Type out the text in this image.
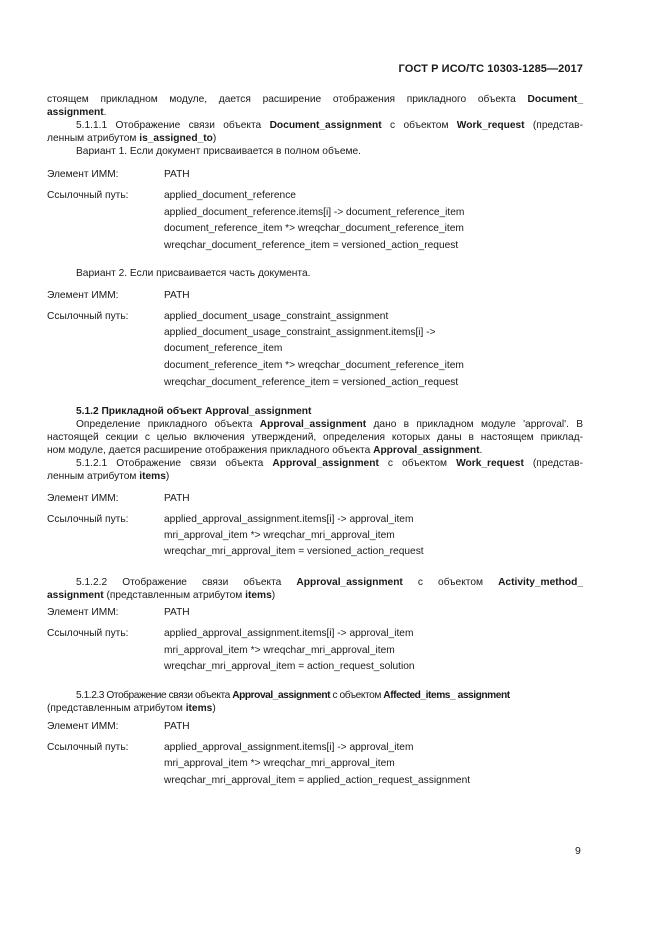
ГОСТ Р ИСО/ТС 10303-1285—2017
стоящем прикладном модуле, дается расширение отображения прикладного объекта Document_
assignment.
5.1.1.1 Отображение связи объекта Document_assignment с объектом Work_request (представ-
ленным атрибутом is_assigned_to)
Вариант 1. Если документ присваивается в полном объеме.
Элемент ИММ:	PATH
Ссылочный путь:	applied_document_reference
applied_document_reference.items[i] -> document_reference_item
document_reference_item *> wreqchar_document_reference_item
wreqchar_document_reference_item = versioned_action_request
Вариант 2. Если присваивается часть документа.
Элемент ИММ:	PATH
Ссылочный путь:	applied_document_usage_constraint_assignment
applied_document_usage_constraint_assignment.items[i] ->
document_reference_item
document_reference_item *> wreqchar_document_reference_item
wreqchar_document_reference_item = versioned_action_request
5.1.2 Прикладной объект Approval_assignment
Определение прикладного объекта Approval_assignment дано в прикладном модуле 'approval'. В
настоящей секции с целью включения утверждений, определения которых даны в настоящем приклад-
ном модуле, дается расширение отображения прикладного объекта Approval_assignment.
5.1.2.1 Отображение связи объекта Approval_assignment с объектом Work_request (представ-
ленным атрибутом items)
Элемент ИММ:	PATH
Ссылочный путь:	applied_approval_assignment.items[i] -> approval_item
mri_approval_item *> wreqchar_mri_approval_item
wreqchar_mri_approval_item = versioned_action_request
5.1.2.2 Отображение связи объекта Approval_assignment с объектом Activity_method_
assignment (представленным атрибутом items)
Элемент ИММ:	PATH
Ссылочный путь:	applied_approval_assignment.items[i] -> approval_item
mri_approval_item *> wreqchar_mri_approval_item
wreqchar_mri_approval_item = action_request_solution
5.1.2.3 Отображение связи объекта Approval_assignment с объектом Affected_items_ assignment
(представленным атрибутом items)
Элемент ИММ:	PATH
Ссылочный путь:	applied_approval_assignment.items[i] -> approval_item
mri_approval_item *> wreqchar_mri_approval_item
wreqchar_mri_approval_item = applied_action_request_assignment
9
